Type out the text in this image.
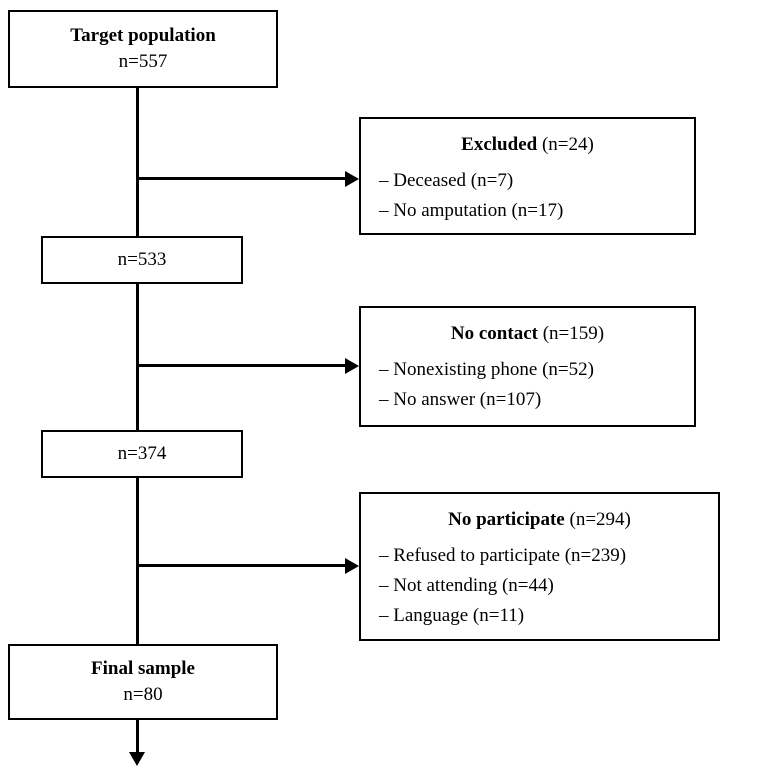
Target population
n=557
Excluded (n=24)
– Deceased (n=7)
– No amputation (n=17)
n=533
No contact (n=159)
– Nonexisting phone (n=52)
– No answer (n=107)
n=374
No participate (n=294)
– Refused to participate (n=239)
– Not attending (n=44)
– Language (n=11)
Final sample
n=80
